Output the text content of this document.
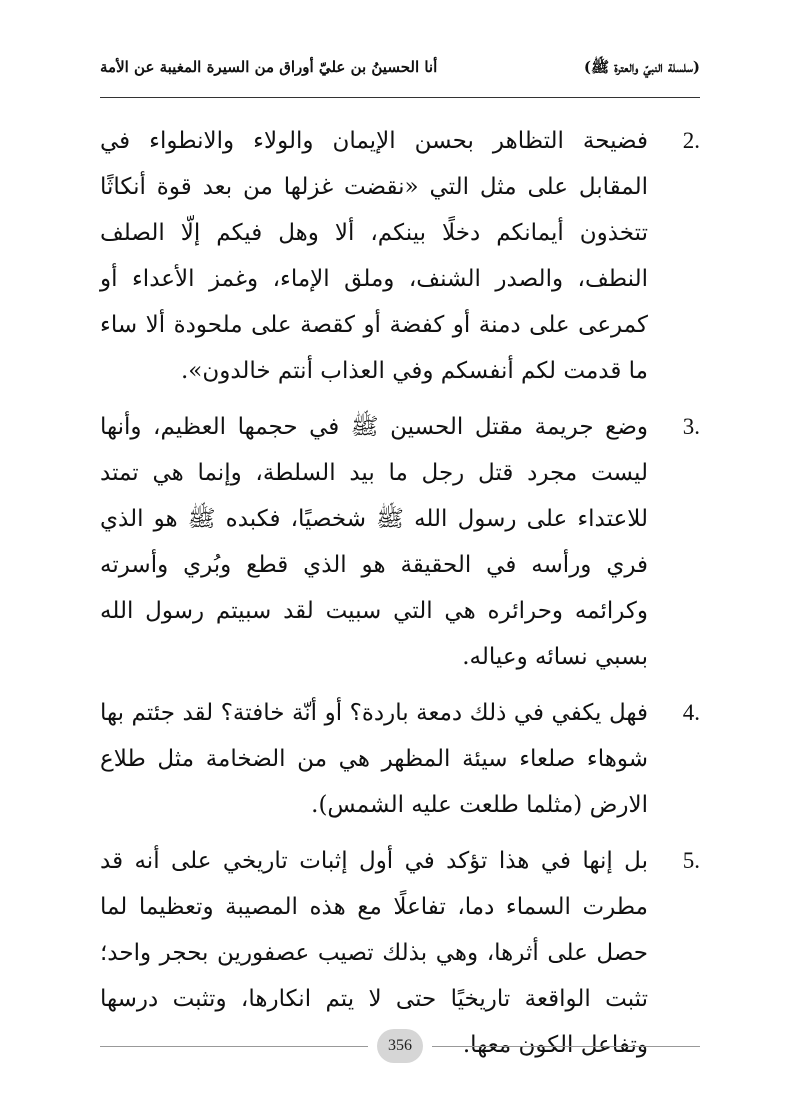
(سلسلة النبيّ والعترة ﷺ)
أنا الحسينُ بن عليّ أوراق من السيرة المغيبة عن الأمة
2.
فضيحة التظاهر بحسن الإيمان والولاء والانطواء في المقابل على مثل التي «نقضت غزلها من بعد قوة أنكاثًا تتخذون أيمانكم دخلًا بينكم، ألا وهل فيكم إلّا الصلف النطف، والصدر الشنف، وملق الإماء، وغمز الأعداء أو كمرعى على دمنة أو كفضة أو كقصة على ملحودة ألا ساء ما قدمت لكم أنفسكم وفي العذاب أنتم خالدون».
3.
وضع جريمة مقتل الحسين ﷺ في حجمها العظيم، وأنها ليست مجرد قتل رجل ما بيد السلطة، وإنما هي تمتد للاعتداء على رسول الله ﷺ شخصيًا، فكبده ﷺ هو الذي فري ورأسه في الحقيقة هو الذي قطع وبُري وأسرته وكرائمه وحرائره هي التي سبيت لقد سبيتم رسول الله بسبي نسائه وعياله.
4.
فهل يكفي في ذلك دمعة باردة؟ أو أنّة خافتة؟ لقد جئتم بها شوهاء صلعاء سيئة المظهر هي من الضخامة مثل طلاع الارض (مثلما طلعت عليه الشمس).
5.
بل إنها في هذا تؤكد في أول إثبات تاريخي على أنه قد مطرت السماء دما، تفاعلًا مع هذه المصيبة وتعظيما لما حصل على أثرها، وهي بذلك تصيب عصفورين بحجر واحد؛ تثبت الواقعة تاريخيًا حتى لا يتم انكارها، وتثبت درسها وتفاعل الكون معها.
356
